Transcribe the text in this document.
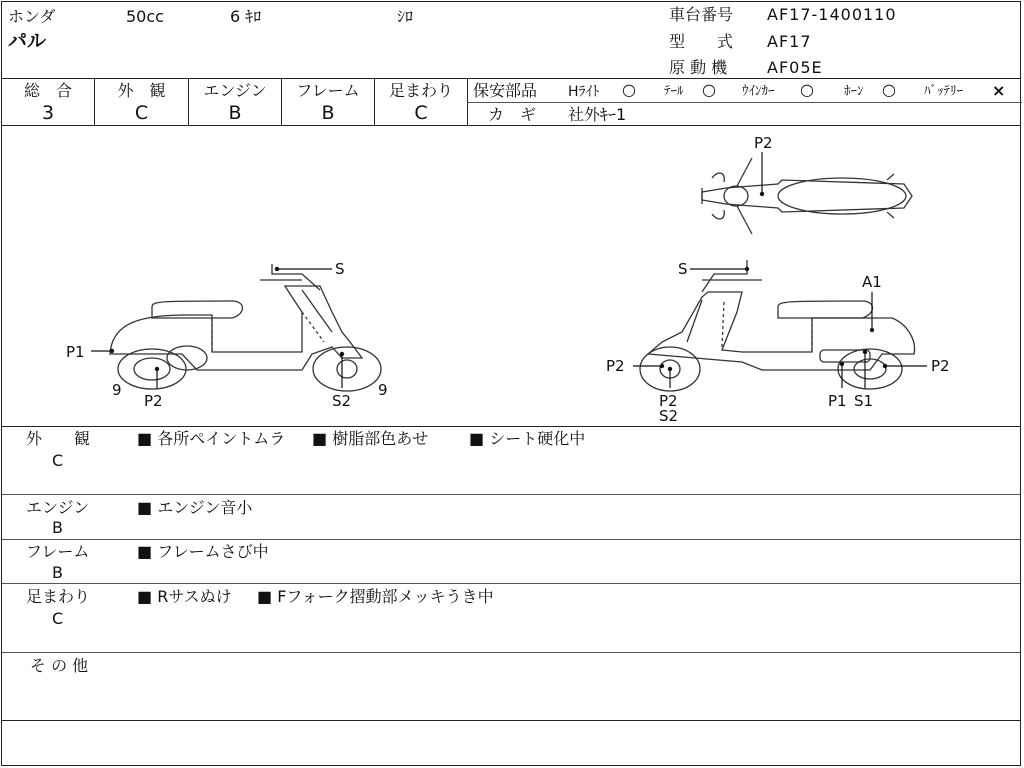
ホンダ	50cc	6 ｷﾛ	ｼﾛ
パル
車台番号 AF17-1400110
型　　式 AF17
原 動 機 AF05E
総　合
3
外　観
C
エンジン
B
フレーム
B
足まわり
C
保安部品 Hﾗｲﾄ ○ ﾃｰﾙ ○ ｳｲﾝｶｰ ○ ﾎｰﾝ ○ ﾊﾞｯﾃﾘｰ ×
カ　ギ 社外ｷｰ1
P1
9
P2
S
S2
9
S
A1
P2	P2
P2
S2
P1 S1
P2
外　　観
C
■ 各所ペイントムラ ■ 樹脂部色あせ	■ シート硬化中
エンジン
B
■ エンジン音小
フレーム
B
■ フレームさび中
足まわり
C
■ Rサスぬけ ■ Fフォーク摺動部メッキうき中
そ の 他
